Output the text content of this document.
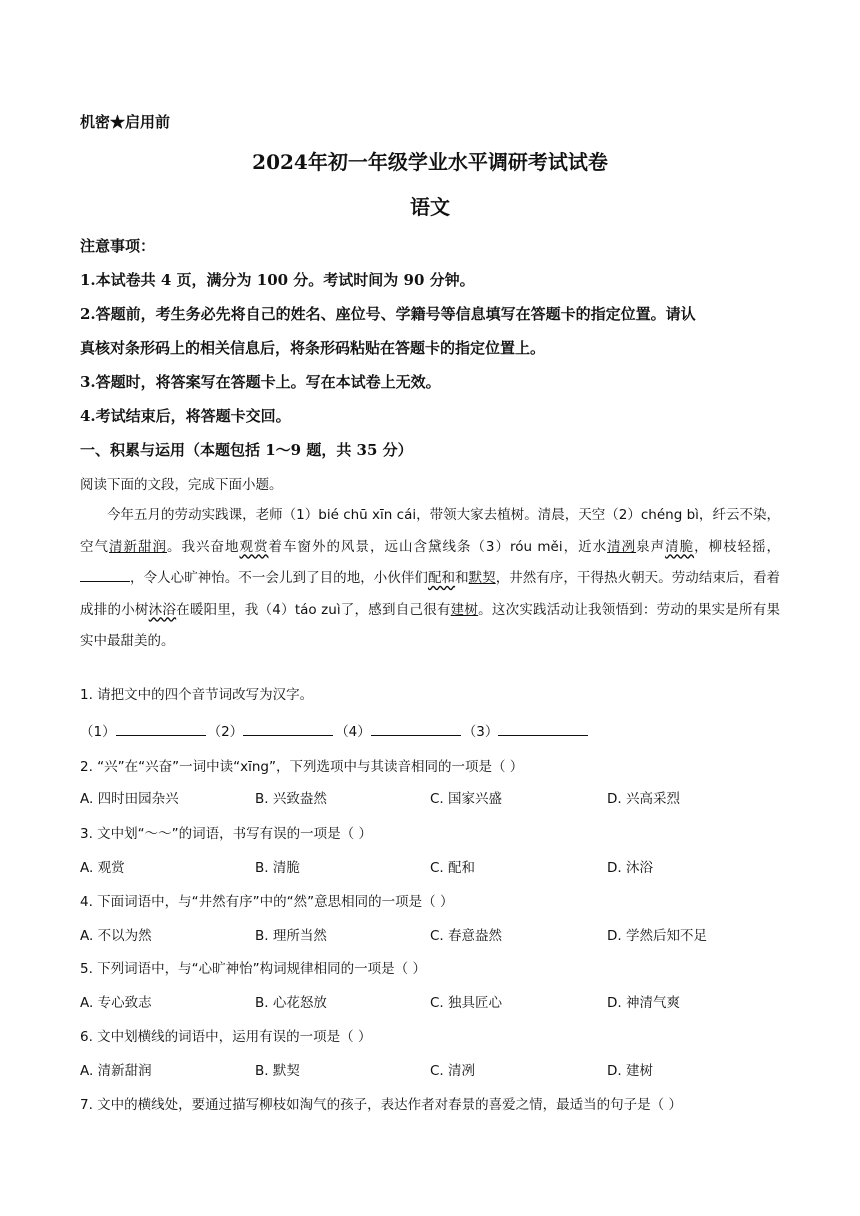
机密★启用前
2024年初一年级学业水平调研考试试卷
语文
注意事项：
1.本试卷共 4 页，满分为 100 分。考试时间为 90 分钟。
2.答题前，考生务必先将自己的姓名、座位号、学籍号等信息填写在答题卡的指定位置。请认
真核对条形码上的相关信息后，将条形码粘贴在答题卡的指定位置上。
3.答题时，将答案写在答题卡上。写在本试卷上无效。
4.考试结束后，将答题卡交回。
一、积累与运用（本题包括 1～9 题，共 35 分）
阅读下面的文段，完成下面小题。

今年五月的劳动实践课，老师（1）bié chū xīn cái，带领大家去植树。清晨，天空（2）chéng bì，纤云不染，空气清新甜润。我兴奋地观赏着车窗外的风景，远山含黛线条（3）róu měi，近水清冽泉声清脆，柳枝轻摇，，令人心旷神怡。不一会儿到了目的地，小伙伴们配和和默契，井然有序，干得热火朝天。劳动结束后，看着成排的小树沐浴在暖阳里，我（4）táo zuì了，感到自己很有建树。这次实践活动让我领悟到：劳动的果实是所有果实中最甜美的。

1. 请把文中的四个音节词改写为汉字。
（1）	（2）	（4）	（3）
2. “兴”在“兴奋”一词中读“xīng”，下列选项中与其读音相同的一项是（ ）
A. 四时田园杂兴	B. 兴致盎然	C. 国家兴盛	D. 兴高采烈
3. 文中划“～～”的词语，书写有误的一项是（ ）
A. 观赏	B. 清脆	C. 配和	D. 沐浴
4. 下面词语中，与“井然有序”中的“然”意思相同的一项是（ ）
A. 不以为然	B. 理所当然	C. 春意盎然	D. 学然后知不足
5. 下列词语中，与“心旷神怡”构词规律相同的一项是（ ）
A. 专心致志	B. 心花怒放	C. 独具匠心	D. 神清气爽
6. 文中划横线的词语中，运用有误的一项是（ ）
A. 清新甜润	B. 默契	C. 清冽	D. 建树
7. 文中的横线处，要通过描写柳枝如淘气的孩子，表达作者对春景的喜爱之情，最适当的句子是（ ）
